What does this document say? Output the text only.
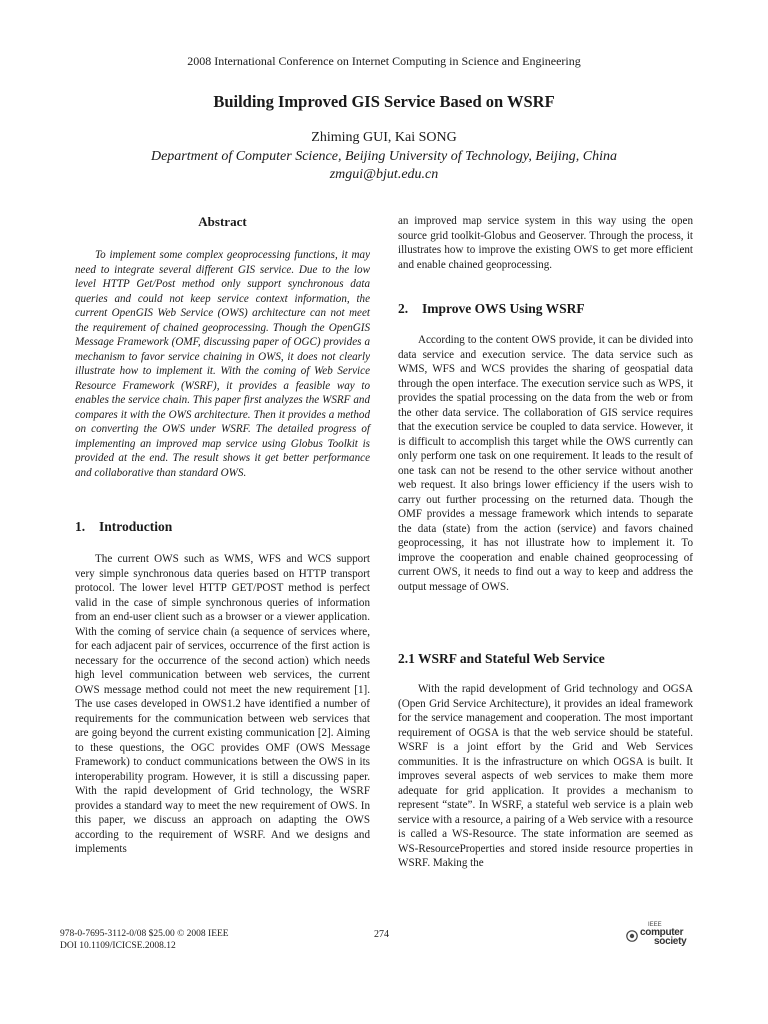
2008 International Conference on Internet Computing in Science and Engineering
Building Improved GIS Service Based on WSRF
Zhiming GUI, Kai SONG
Department of Computer Science, Beijing University of Technology, Beijing, China
zmgui@bjut.edu.cn
Abstract

To implement some complex geoprocessing functions, it may need to integrate several different GIS service. Due to the low level HTTP Get/Post method only support synchronous data queries and could not keep service context information, the current OpenGIS Web Service (OWS) architecture can not meet the requirement of chained geoprocessing. Though the OpenGIS Message Framework (OMF, discussing paper of OGC) provides a mechanism to favor service chaining in OWS, it does not clearly illustrate how to implement it. With the coming of Web Service Resource Framework (WSRF), it provides a feasible way to enables the service chain. This paper first analyzes the WSRF and compares it with the OWS architecture. Then it provides a method on converting the OWS under WSRF. The detailed progress of implementing an improved map service using Globus Toolkit is provided at the end. The result shows it get better performance and collaborative than standard OWS.

1. Introduction

The current OWS such as WMS, WFS and WCS support very simple synchronous data queries based on HTTP transport protocol. The lower level HTTP GET/POST method is perfect valid in the case of simple synchronous queries of information from an end-user client such as a browser or a viewer application. With the coming of service chain (a sequence of services where, for each adjacent pair of services, occurrence of the first action is necessary for the occurrence of the second action) which needs high level communication between web services, the current OWS message method could not meet the new requirement [1]. The use cases developed in OWS1.2 have identified a number of requirements for the communication between web services that are going beyond the current existing communication [2]. Aiming to these questions, the OGC provides OMF (OWS Message Framework) to conduct communications between the OWS in its interoperability program. However, it is still a discussing paper. With the rapid development of Grid technology, the WSRF provides a standard way to meet the new requirement of OWS. In this paper, we discuss an approach on adapting the OWS according to the requirement of WSRF. And we designs and implements

an improved map service system in this way using the open source grid toolkit-Globus and Geoserver. Through the process, it illustrates how to improve the existing OWS to get more efficient and enable chained geoprocessing.

2. Improve OWS Using WSRF

According to the content OWS provide, it can be divided into data service and execution service. The data service such as WMS, WFS and WCS provides the sharing of geospatial data through the open interface. The execution service such as WPS, it provides the spatial processing on the data from the web or from the other data service. The collaboration of GIS service requires that the execution service be coupled to data service. However, it is difficult to accomplish this target while the OWS currently can only perform one task on one requirement. It leads to the result of one task can not be resend to the other service without another web request. It also brings lower efficiency if the users wish to carry out further processing on the returned data. Though the OMF provides a message framework which intends to separate the data (state) from the action (service) and favors chained geoprocessing, it has not illustrate how to implement it. To improve the cooperation and enable chained geoprocessing of current OWS, it needs to find out a way to keep and address the output message of OWS.

2.1 WSRF and Stateful Web Service

With the rapid development of Grid technology and OGSA (Open Grid Service Architecture), it provides an ideal framework for the service management and cooperation. The most important requirement of OGSA is that the web service should be stateful. WSRF is a joint effort by the Grid and Web Services communities. It is the infrastructure on which OGSA is built. It improves several aspects of web services to make them more adequate for grid application. It provides a mechanism to represent “state”. In WSRF, a stateful web service is a plain web service with a resource, a pairing of a Web service with a resource is called a WS-Resource. The state information are seemed as WS-ResourceProperties and stored inside resource properties in WSRF. Making the

978-0-7695-3112-0/08 $25.00 © 2008 IEEE
DOI 10.1109/ICICSE.2008.12
274
IEEE
computer
society
